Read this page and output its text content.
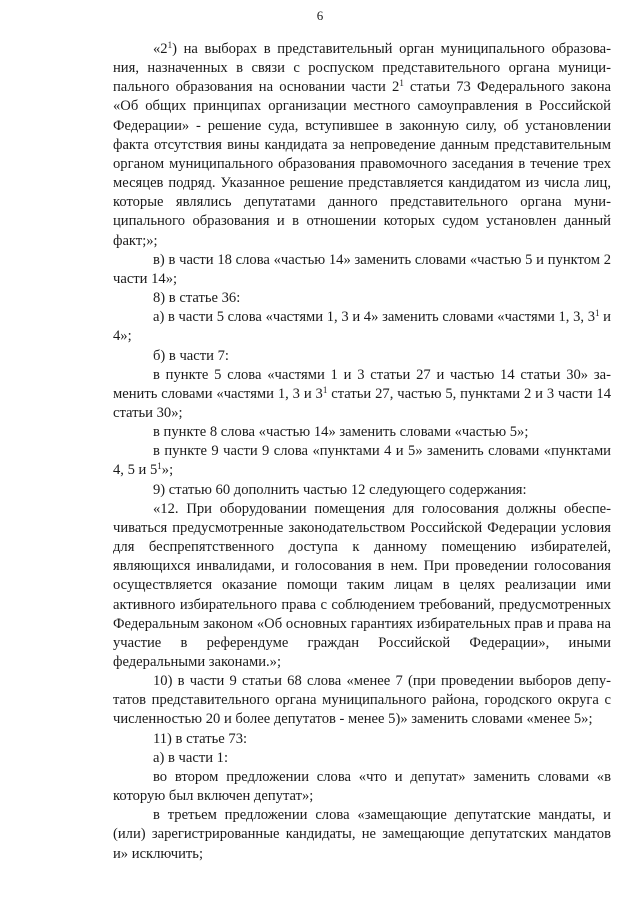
6

«$2^1$) на выборах в представительный орган муниципального образования, назначенных в связи с роспуском представительного органа муниципального образования на основании части $2^1$ статьи 73 Федерального закона «Об общих принципах организации местного самоуправления в Российской Федерации» - решение суда, вступившее в законную силу, об установлении факта отсутствия вины кандидата за непроведение данным представительным органом муниципального образования правомочного заседания в течение трех месяцев подряд. Указанное решение представляется кандидатом из числа лиц, которые являлись депутатами данного представительного органа муниципального образования и в отношении которых судом установлен данный факт;»;

в) в части 18 слова «частью 14» заменить словами «частью 5 и пунктом 2 части 14»;

8) в статье 36:

а) в части 5 слова «частями 1, 3 и 4» заменить словами «частями 1, 3, $3^1$ и 4»;

б) в части 7:

в пункте 5 слова «частями 1 и 3 статьи 27 и частью 14 статьи 30» заменить словами «частями 1, 3 и $3^1$ статьи 27, частью 5, пунктами 2 и 3 части 14 статьи 30»;

в пункте 8 слова «частью 14» заменить словами «частью 5»;

в пункте 9 части 9 слова «пунктами 4 и 5» заменить словами «пунктами 4, 5 и $5^1$»;

9) статью 60 дополнить частью 12 следующего содержания:

«12. При оборудовании помещения для голосования должны обеспечиваться предусмотренные законодательством Российской Федерации условия для беспрепятственного доступа к данному помещению избирателей, являющихся инвалидами, и голосования в нем. При проведении голосования осуществляется оказание помощи таким лицам в целях реализации ими активного избирательного права с соблюдением требований, предусмотренных Федеральным законом «Об основных гарантиях избирательных прав и права на участие в референдуме граждан Российской Федерации», иными федеральными законами.»;

10) в части 9 статьи 68 слова «менее 7 (при проведении выборов депутатов представительного органа муниципального района, городского округа с численностью 20 и более депутатов - менее 5)» заменить словами «менее 5»;

11) в статье 73:

а) в части 1:

во втором предложении слова «что и депутат» заменить словами «в которую был включен депутат»;

в третьем предложении слова «замещающие депутатские мандаты, и (или) зарегистрированные кандидаты, не замещающие депутатских мандатов и» исключить;
